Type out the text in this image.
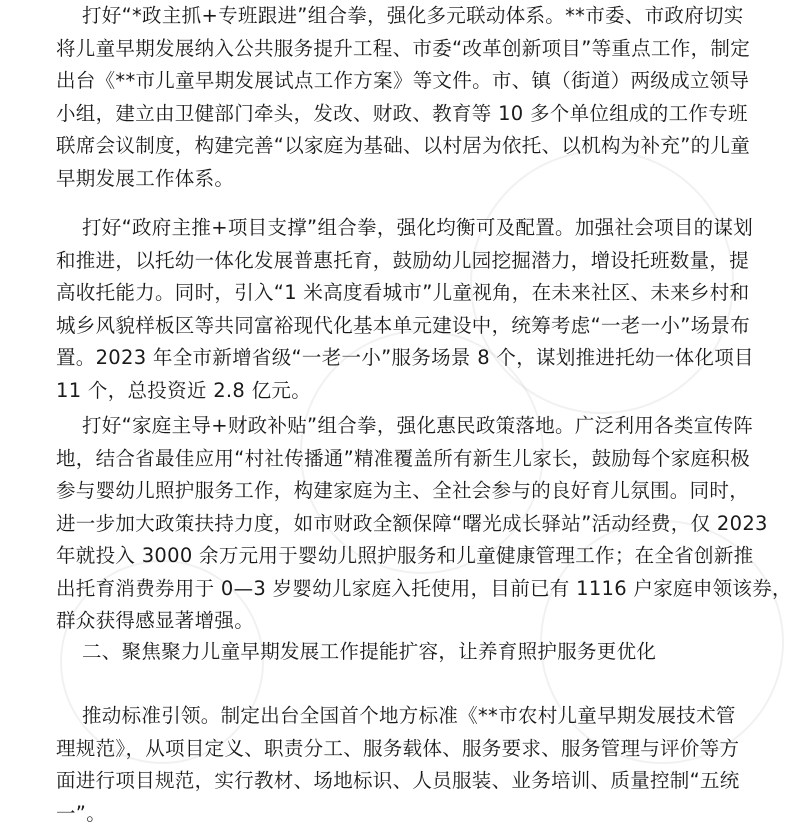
打好“*政主抓+专班跟进”组合拳，强化多元联动体系。**市委、市政府切实
将儿童早期发展纳入公共服务提升工程、市委“改革创新项目”等重点工作，制定
出台《**市儿童早期发展试点工作方案》等文件。市、镇（街道）两级成立领导
小组，建立由卫健部门牵头，发改、财政、教育等 10 多个单位组成的工作专班
联席会议制度，构建完善“以家庭为基础、以村居为依托、以机构为补充”的儿童
早期发展工作体系。
打好“政府主推+项目支撑”组合拳，强化均衡可及配置。加强社会项目的谋划
和推进，以托幼一体化发展普惠托育，鼓励幼儿园挖掘潜力，增设托班数量，提
高收托能力。同时，引入“1 米高度看城市”儿童视角，在未来社区、未来乡村和
城乡风貌样板区等共同富裕现代化基本单元建设中，统筹考虑“一老一小”场景布
置。2023 年全市新增省级“一老一小”服务场景 8 个，谋划推进托幼一体化项目
11 个，总投资近 2.8 亿元。
打好“家庭主导+财政补贴”组合拳，强化惠民政策落地。广泛利用各类宣传阵
地，结合省最佳应用“村社传播通”精准覆盖所有新生儿家长，鼓励每个家庭积极
参与婴幼儿照护服务工作，构建家庭为主、全社会参与的良好育儿氛围。同时，
进一步加大政策扶持力度，如市财政全额保障“曙光成长驿站”活动经费，仅 2023
年就投入 3000 余万元用于婴幼儿照护服务和儿童健康管理工作；在全省创新推
出托育消费券用于 0—3 岁婴幼儿家庭入托使用，目前已有 1116 户家庭申领该券，
群众获得感显著增强。
二、聚焦聚力儿童早期发展工作提能扩容，让养育照护服务更优化
推动标准引领。制定出台全国首个地方标准《**市农村儿童早期发展技术管
理规范》，从项目定义、职责分工、服务载体、服务要求、服务管理与评价等方
面进行项目规范，实行教材、场地标识、人员服装、业务培训、质量控制“五统
一”。
